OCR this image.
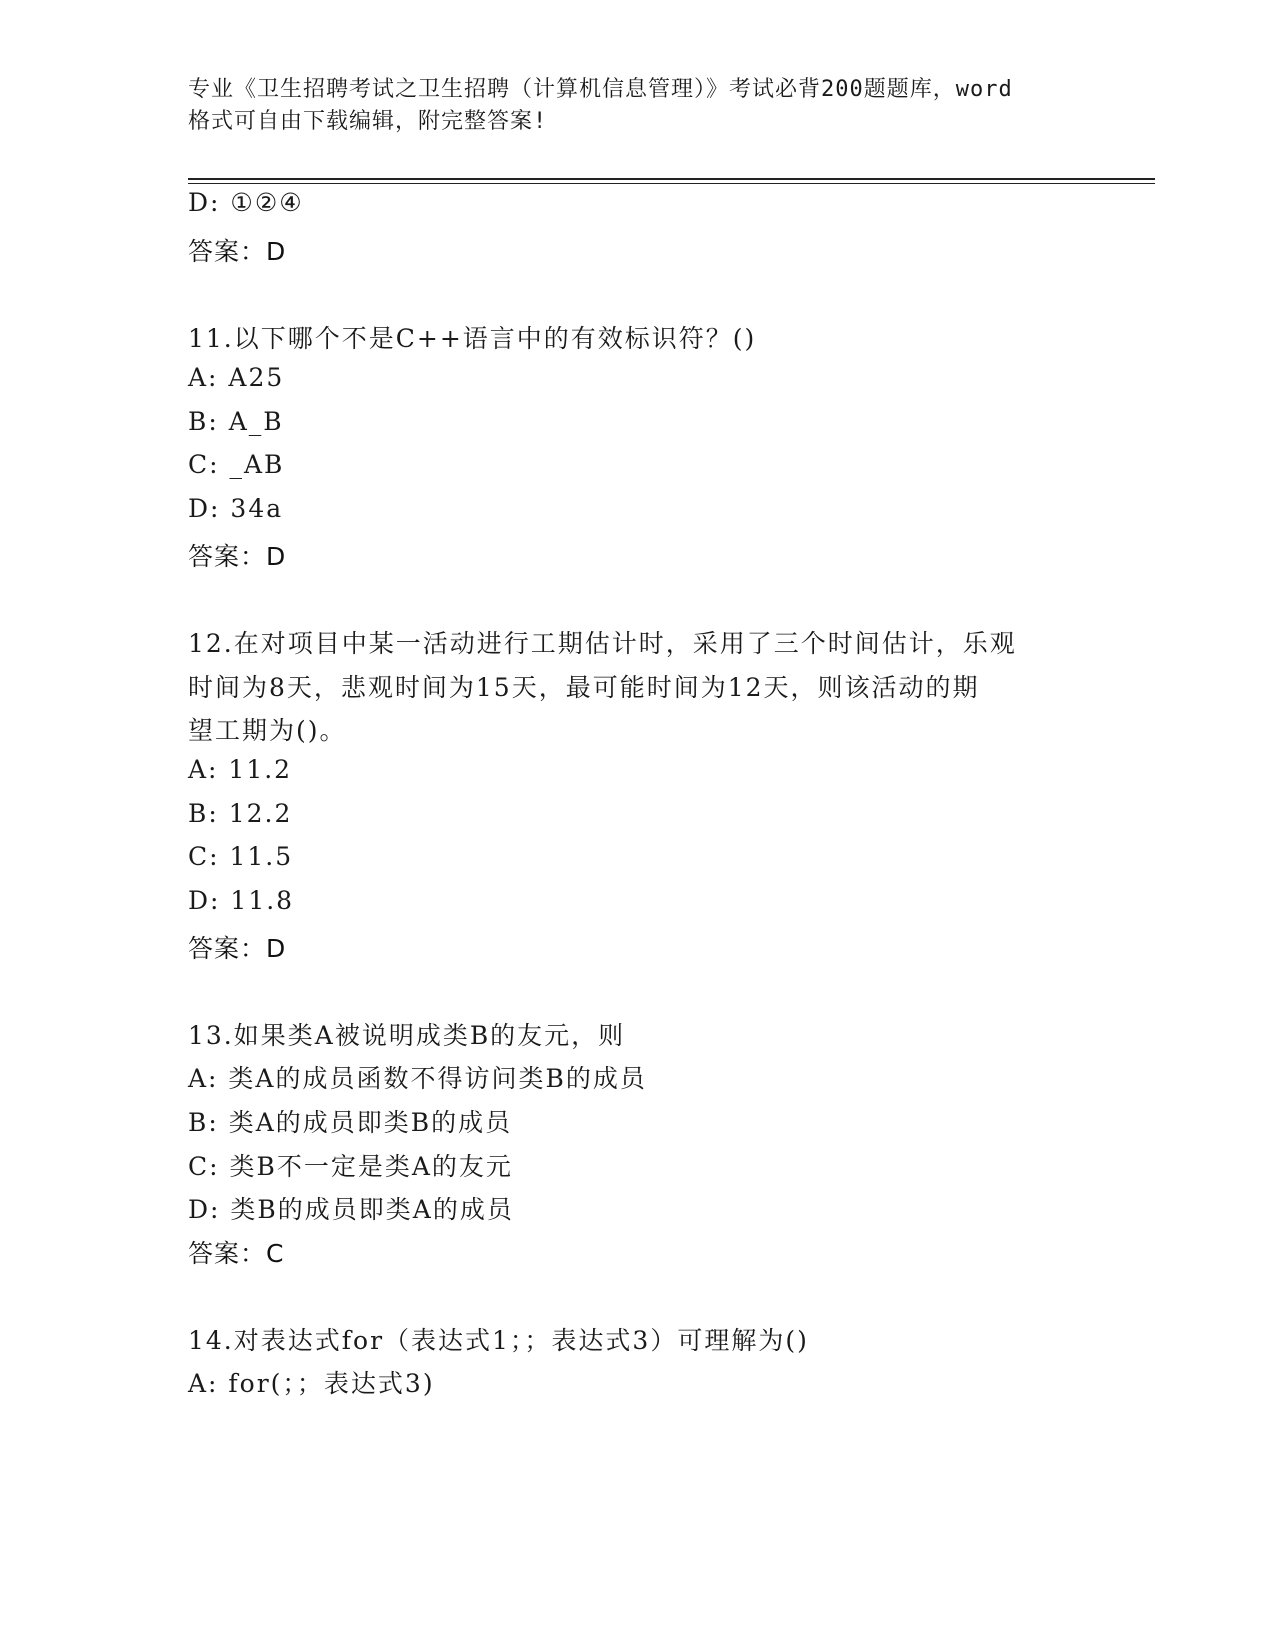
专业《卫生招聘考试之卫生招聘（计算机信息管理）》考试必背200题题库，word
格式可自由下载编辑，附完整答案!
D: ①②④
答案：D
11.以下哪个不是C++语言中的有效标识符？()
A: A25
B: A_B
C: _AB
D: 34a
答案：D
12.在对项目中某一活动进行工期估计时，采用了三个时间估计，乐观
时间为8天，悲观时间为15天，最可能时间为12天，则该活动的期
望工期为()。
A: 11.2
B: 12.2
C: 11.5
D: 11.8
答案：D
13.如果类A被说明成类B的友元，则
A: 类A的成员函数不得访问类B的成员
B: 类A的成员即类B的成员
C: 类B不一定是类A的友元
D: 类B的成员即类A的成员
答案：C
14.对表达式for（表达式1；；表达式3）可理解为()
A: for(；；表达式3)
